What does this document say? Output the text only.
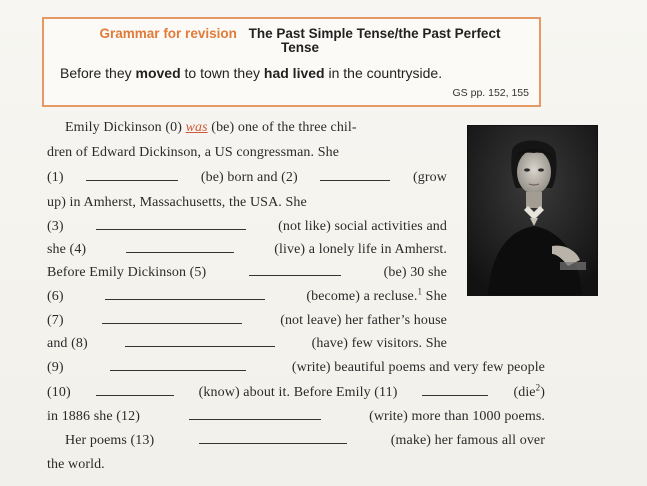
Grammar for revision The Past Simple Tense/the Past Perfect Tense
Before they moved to town they had lived in the countryside.
GS pp. 152, 155
Emily Dickinson (0) was (be) one of the three chil-
dren of Edward Dickinson, a US congressman. She
(1)	(be) born and (2)	(grow
up) in Amherst, Massachusetts, the USA. She
(3)	(not like) social activities and
she (4)	(live) a lonely life in Amherst.
Before Emily Dickinson (5)	(be) 30 she
(6)	(become) a recluse.$^1$ She
(7)	(not leave) her father’s house
and (8)	(have) few visitors. She
(9)	(write) beautiful poems and very few people
(10)	(know) about it. Before Emily (11)	(die$^2$)
in 1886 she (12)	(write) more than 1000 poems.
Her poems (13)	(make) her famous all over
the world.
